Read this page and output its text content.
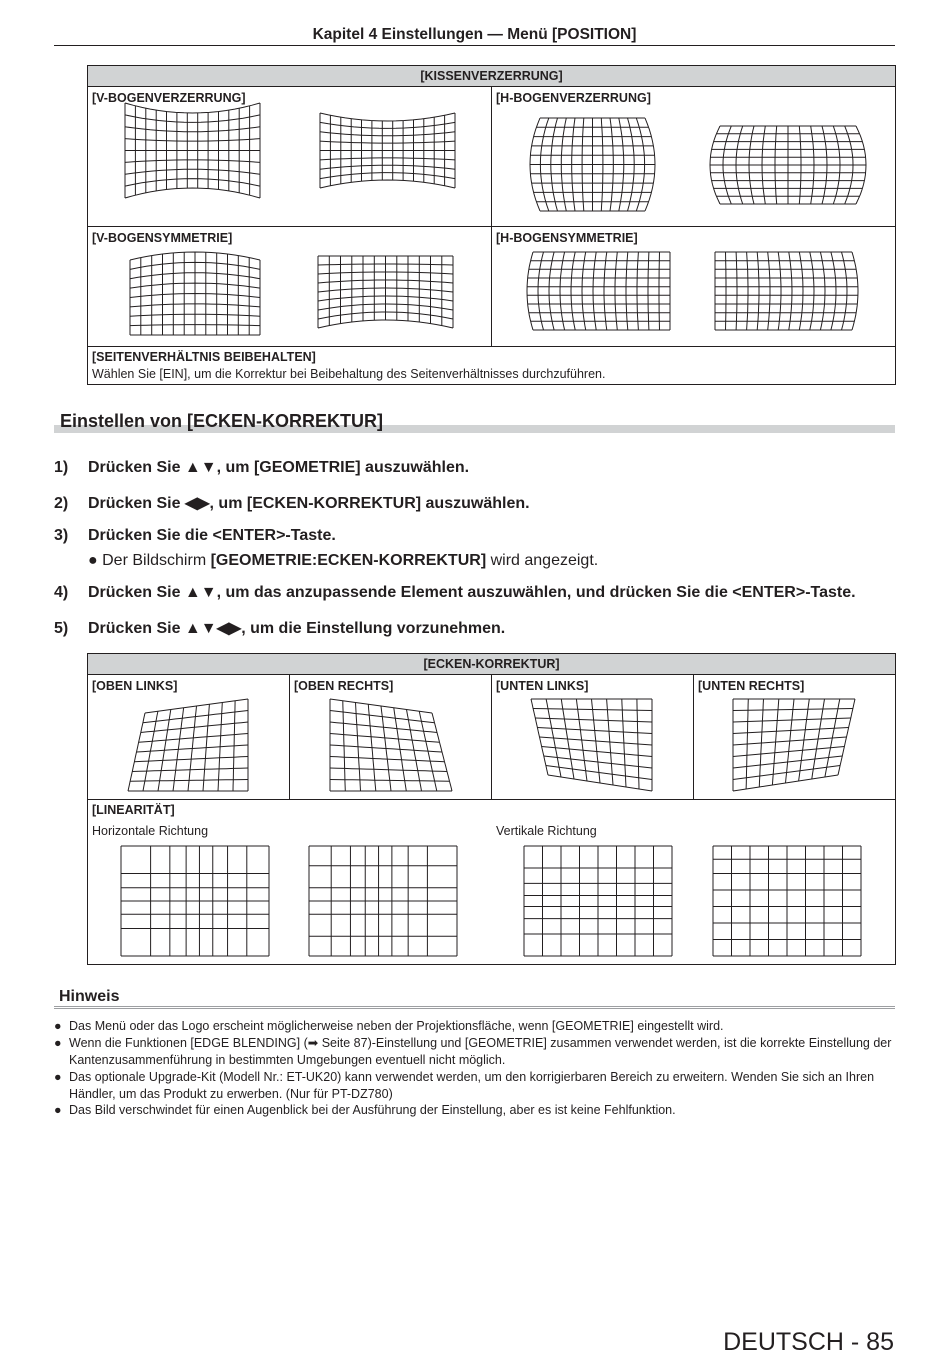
Kapitel 4 Einstellungen — Menü [POSITION]
[KISSENVERZERRUNG]
[V-BOGENVERZERRUNG]	[H-BOGENVERZERRUNG]
[V-BOGENSYMMETRIE]	[H-BOGENSYMMETRIE]
[SEITENVERHÄLTNIS BEIBEHALTEN]
Wählen Sie [EIN], um die Korrektur bei Beibehaltung des Seitenverhältnisses durchzuführen.
Einstellen von [ECKEN-KORREKTUR]
1) Drücken Sie ▲▼, um [GEOMETRIE] auszuwählen.
2) Drücken Sie ◀▶, um [ECKEN-KORREKTUR] auszuwählen.
3) Drücken Sie die <ENTER>-Taste.
● Der Bildschirm [GEOMETRIE:ECKEN-KORREKTUR] wird angezeigt.
4) Drücken Sie ▲▼, um das anzupassende Element auszuwählen, und drücken Sie die <ENTER>-Taste.
5) Drücken Sie ▲▼◀▶, um die Einstellung vorzunehmen.
[ECKEN-KORREKTUR]
[OBEN LINKS]	[OBEN RECHTS]	[UNTEN LINKS]	[UNTEN RECHTS]
[LINEARITÄT]
Horizontale Richtung	Vertikale Richtung
Hinweis
● Das Menü oder das Logo erscheint möglicherweise neben der Projektionsfläche, wenn [GEOMETRIE] eingestellt wird.
● Wenn die Funktionen [EDGE BLENDING] (➡ Seite 87)-Einstellung und [GEOMETRIE] zusammen verwendet werden, ist die korrekte Einstellung der Kantenzusammenführung in bestimmten Umgebungen eventuell nicht möglich.
● Das optionale Upgrade-Kit (Modell Nr.: ET-UK20) kann verwendet werden, um den korrigierbaren Bereich zu erweitern. Wenden Sie sich an Ihren Händler, um das Produkt zu erwerben. (Nur für PT-DZ780)
● Das Bild verschwindet für einen Augenblick bei der Ausführung der Einstellung, aber es ist keine Fehlfunktion.
DEUTSCH - 85
